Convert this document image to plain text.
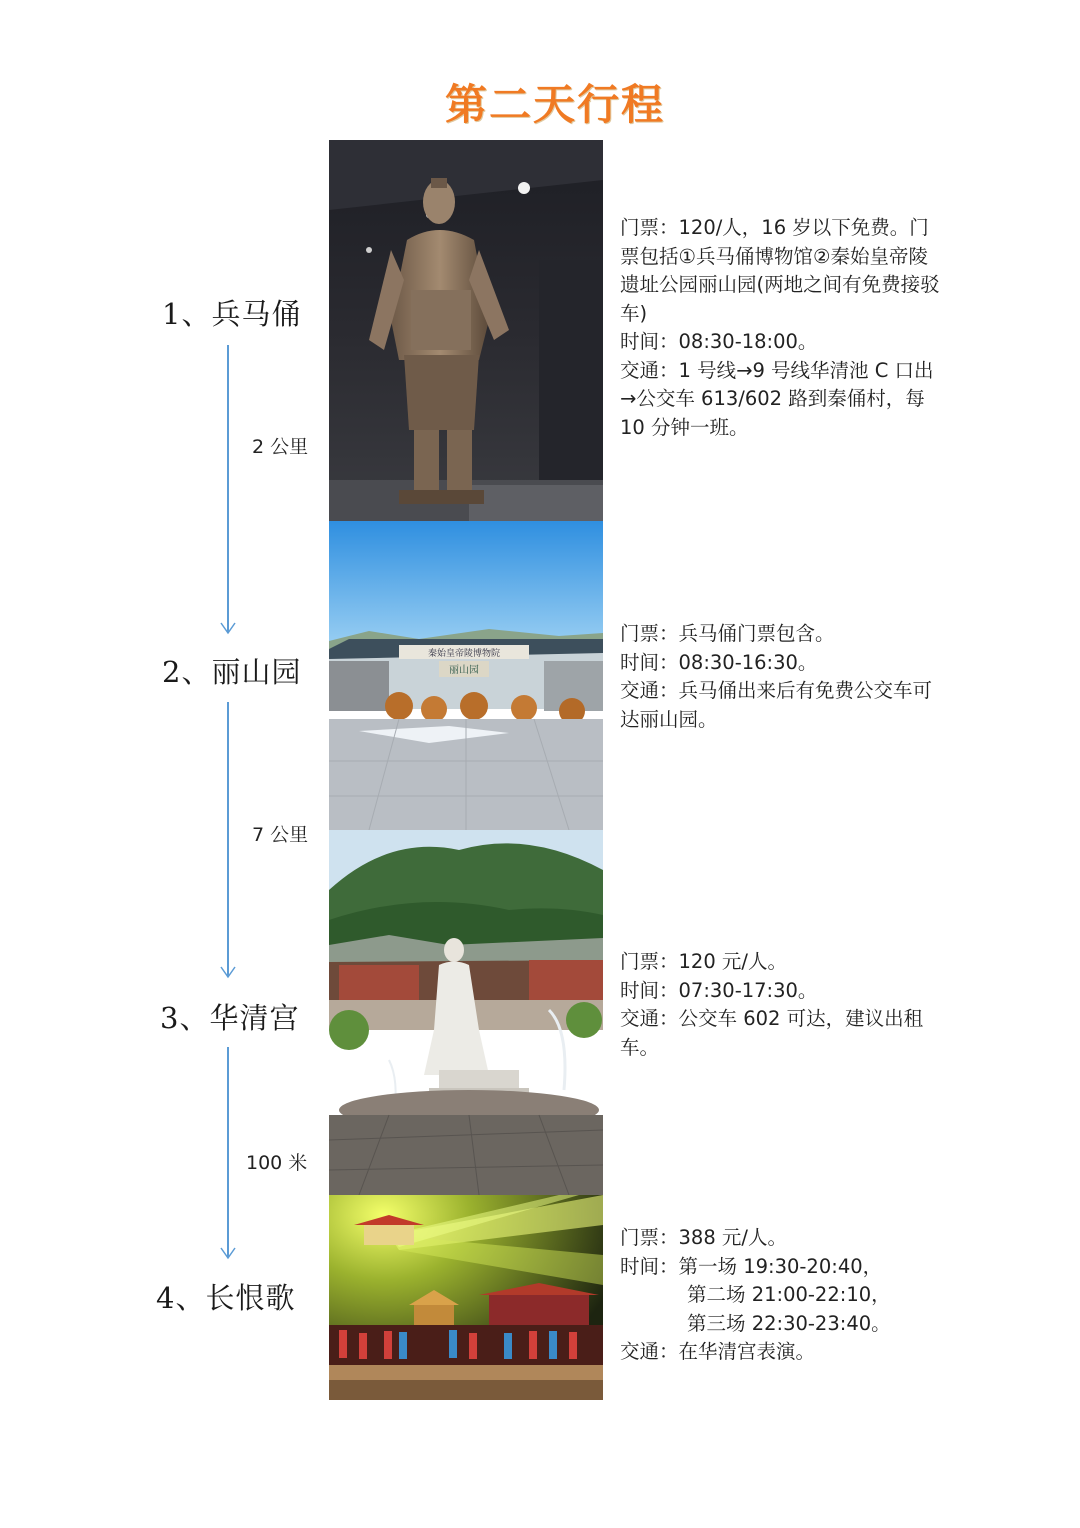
第二天行程
1、兵马俑
2、丽山园
3、华清宫
4、长恨歌
2 公里
7 公里
100 米
秦始皇帝陵博物院
丽山园
门票：120/人，16 岁以下免费。门票包括①兵马俑博物馆②秦始皇帝陵遗址公园丽山园(两地之间有免费接驳车)
时间：08:30-18:00。
交通：1 号线→9 号线华清池 C 口出→公交车 613/602 路到秦俑村，每 10 分钟一班。
门票：兵马俑门票包含。
时间：08:30-16:30。
交通：兵马俑出来后有免费公交车可达丽山园。
门票：120 元/人。
时间：07:30-17:30。
交通：公交车 602 可达，建议出租车。
门票：388 元/人。
时间：第一场 19:30-20:40，
第二场 21:00-22:10，
第三场 22:30-23:40。
交通：在华清宫表演。
